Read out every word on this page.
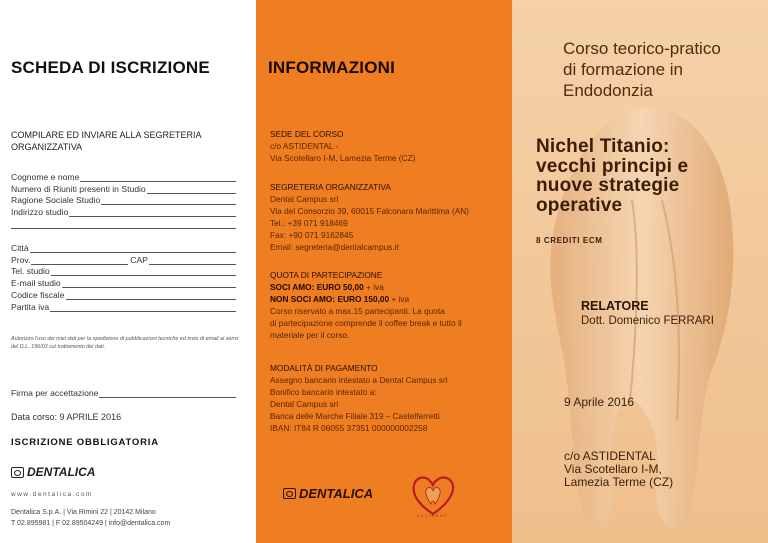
SCHEDA DI ISCRIZIONE
COMPILARE ED INVIARE ALLA SEGRETERIA ORGANIZZATIVA
Cognome e nome
Numero di Riuniti presenti in Studio
Ragione Sociale Studio
Indirizzo studio
Città
Prov.	CAP
Tel. studio
E-mail studio
Codice fiscale
Partita iva
Autorizzo l'uso dei miei dati per la spedizione di pubblicazioni tecniche ed invio di email ai sensi del D.L. 196/03 sul trattamento dei dati.
Firma per accettazione
Data corso: 9 APRILE 2016
ISCRIZIONE OBBLIGATORIA
DENTALICA
www.dentalica.com
Dentalica S.p.A. | Via Rimini 22 | 20142 Milano
T 02.895981 | F 02.89504249 | info@dentalica.com
INFORMAZIONI
SEDE DEL CORSO
c/o ASTIDENTAL -
Via Scotellaro I-M, Lamezia Terme (CZ)
SEGRETERIA ORGANIZZATIVA
Dental Campus srl
Via del Consorzio 39, 60015 Falconara Marittima (AN)
Tel.: +39 071 918469
Fax: +90 071 9162845
Email: segreteria@dentalcampus.it
QUOTA DI PARTECIPAZIONE
SOCI AMO: EURO 50,00 + iva
NON SOCI AMO: EURO 150,00 + iva
Corso riservato a max.15 partecipanti. La quota
di partecipazione comprende il coffee break e tutto il
materiale per il corso.
MODALITÀ DI PAGAMENTO
Assegno bancario intestato a Dental Campus srl
Bonifico bancario intestato a:
Dental Campus srl
Banca delle Marche Filiale 319 – Castelferretti
IBAN: IT84 R 06055 37351 000000002258
DENTALICA
A S T I D E N T
Corso teorico-pratico
di formazione in
Endodonzia
Nichel Titanio:
vecchi principi e
nuove strategie
operative
8 CREDITI ECM
RELATORE
Dott. Domenico FERRARI
9 Aprile 2016
c/o ASTIDENTAL
Via Scotellaro I-M,
Lamezia Terme (CZ)
